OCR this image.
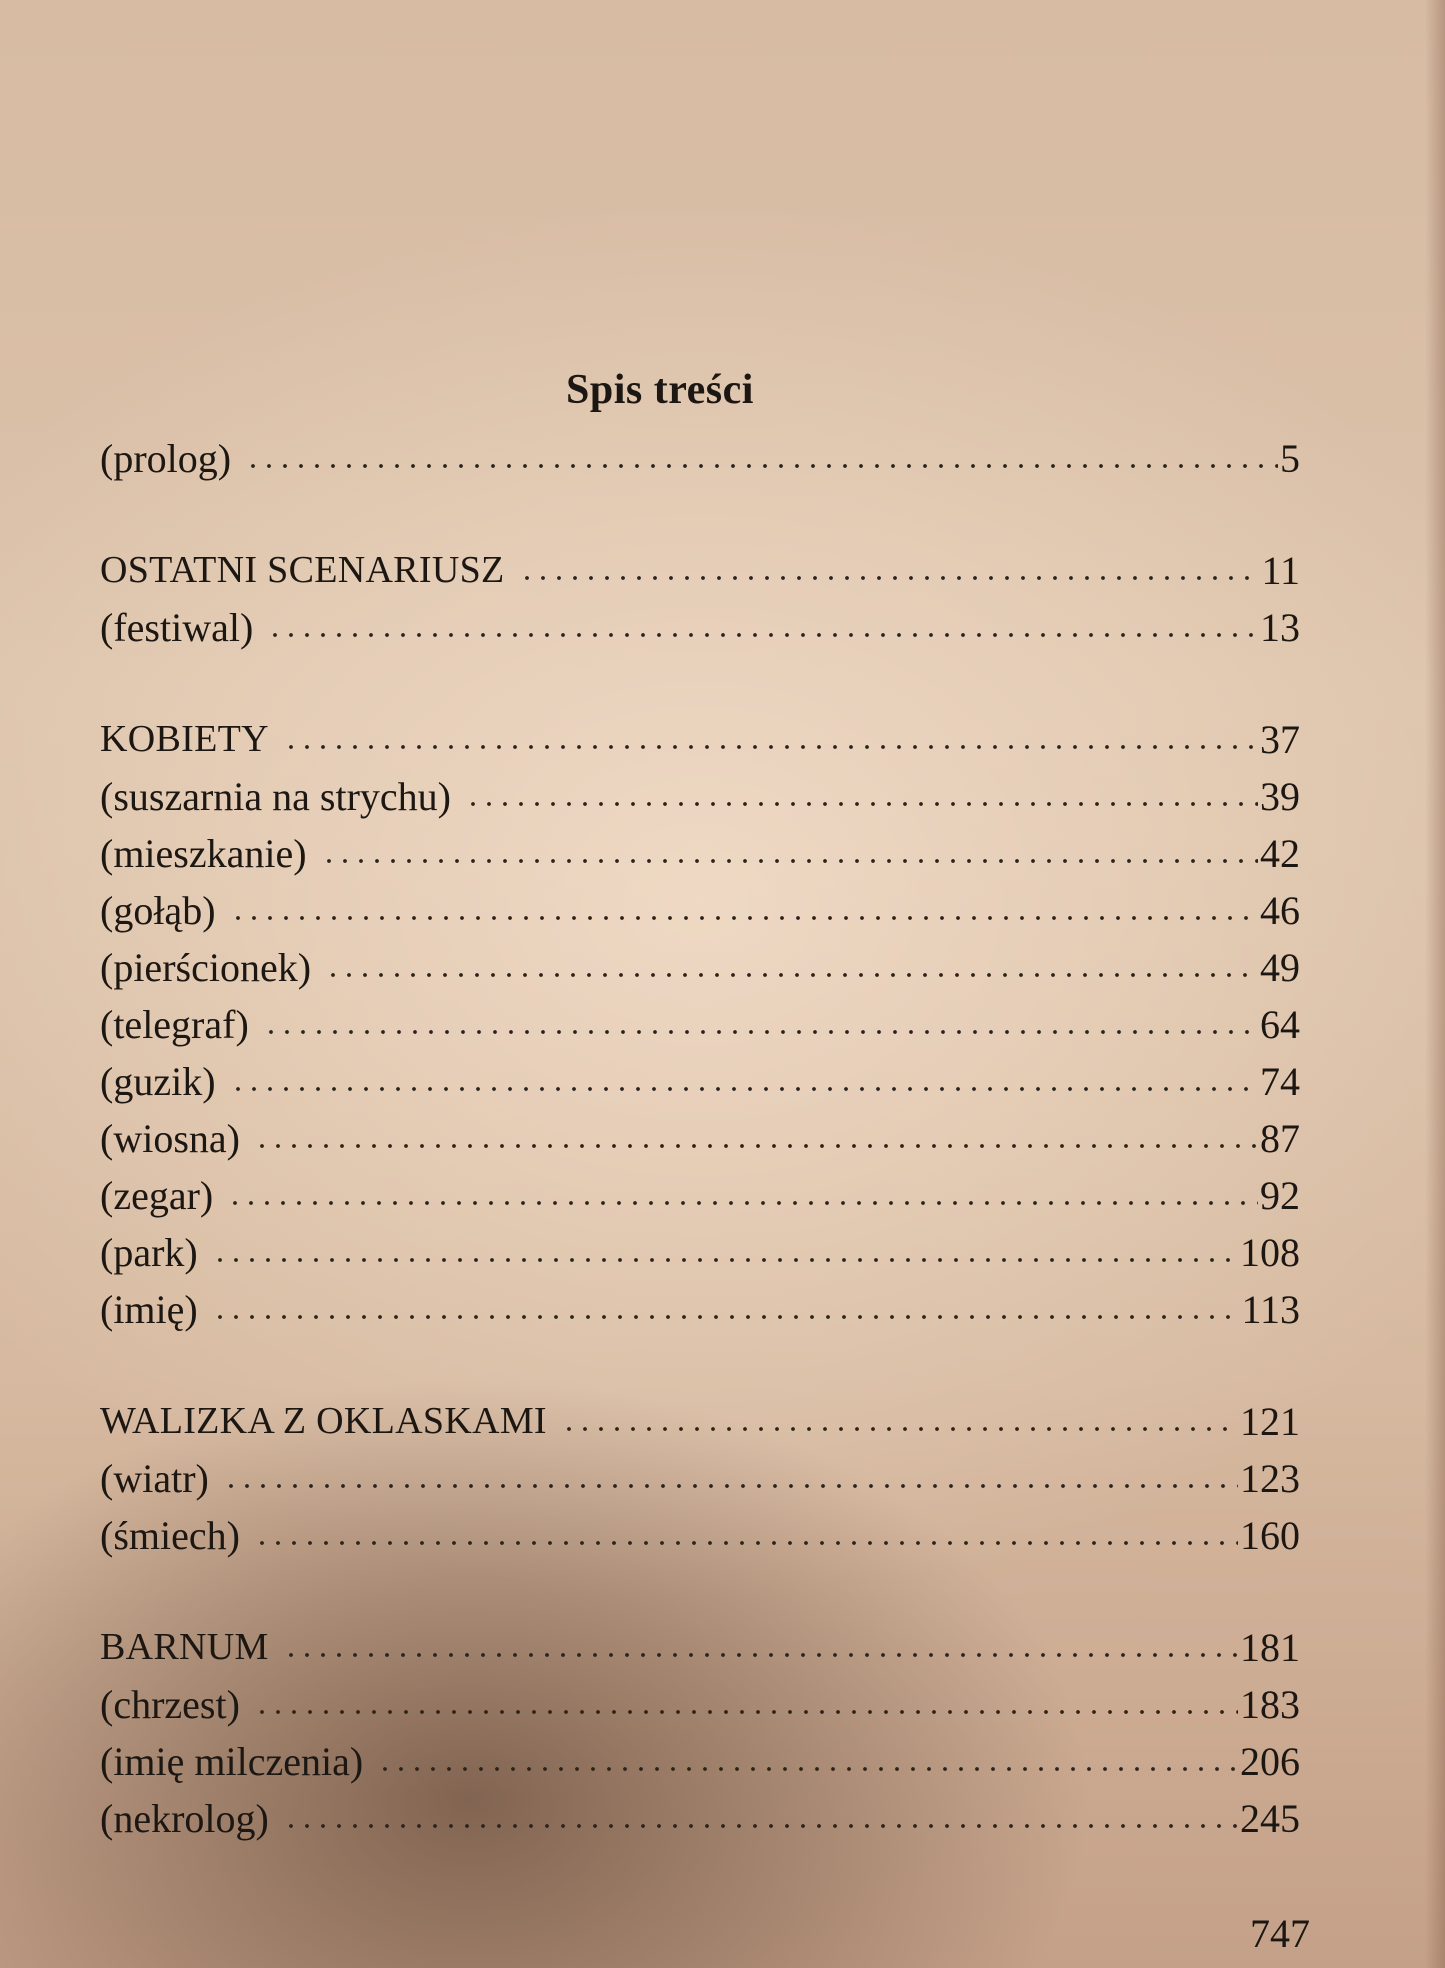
Spis treści
(prolog)	5
OSTATNI SCENARIUSZ	11
(festiwal)	13
KOBIETY	37
(suszarnia na strychu)	39
(mieszkanie)	42
(gołąb)	46
(pierścionek)	49
(telegraf)	64
(guzik)	74
(wiosna)	87
(zegar)	92
(park)	108
(imię)	113
WALIZKA Z OKLASKAMI	121
(wiatr)	123
(śmiech)	160
BARNUM	181
(chrzest)	183
(imię milczenia)	206
(nekrolog)	245
747
